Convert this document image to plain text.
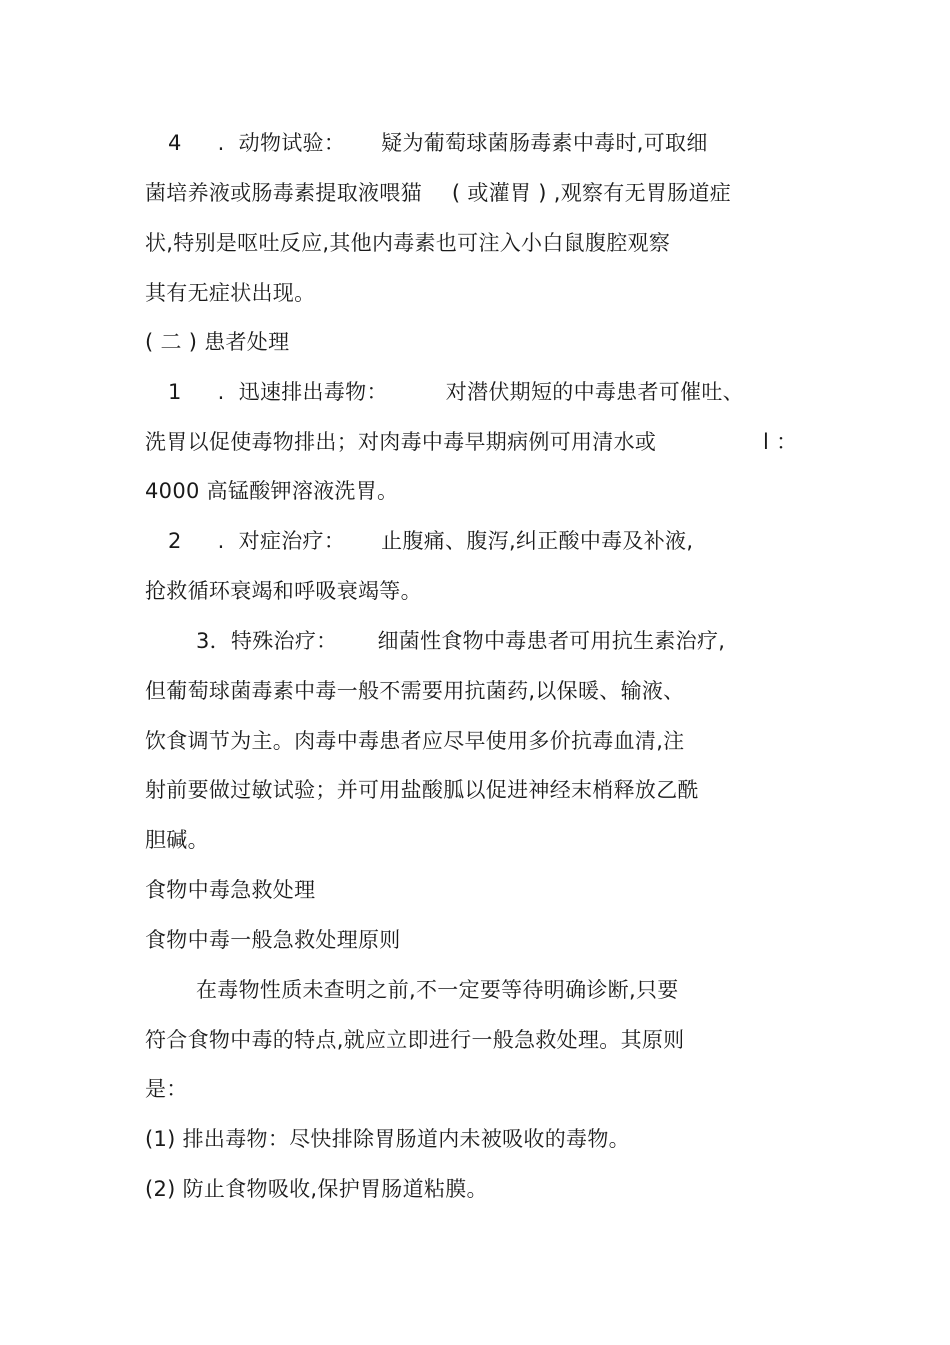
4 . 动物试验： 疑为葡萄球菌肠毒素中毒时,可取细
菌培养液或肠毒素提取液喂猫 ( 或灌胃 ) ,观察有无胃肠道症
状,特别是呕吐反应,其他内毒素也可注入小白鼠腹腔观察
其有无症状出现。
( 二 ) 患者处理
1 . 迅速排出毒物：	对潜伏期短的中毒患者可催吐、
洗胃以促使毒物排出；对肉毒中毒早期病例可用清水或	l ：
4000 高锰酸钾溶液洗胃。
2 . 对症治疗： 止腹痛、腹泻,纠正酸中毒及补液,
抢救循环衰竭和呼吸衰竭等。
3．特殊治疗： 细菌性食物中毒患者可用抗生素治疗,
但葡萄球菌毒素中毒一般不需要用抗菌药,以保暖、输液、
饮食调节为主。肉毒中毒患者应尽早使用多价抗毒血清,注
射前要做过敏试验；并可用盐酸胍以促进神经末梢释放乙酰
胆碱。
食物中毒急救处理
食物中毒一般急救处理原则
在毒物性质未查明之前,不一定要等待明确诊断,只要
符合食物中毒的特点,就应立即进行一般急救处理。其原则
是：
(1) 排出毒物：尽快排除胃肠道内未被吸收的毒物。
(2) 防止食物吸收,保护胃肠道粘膜。
